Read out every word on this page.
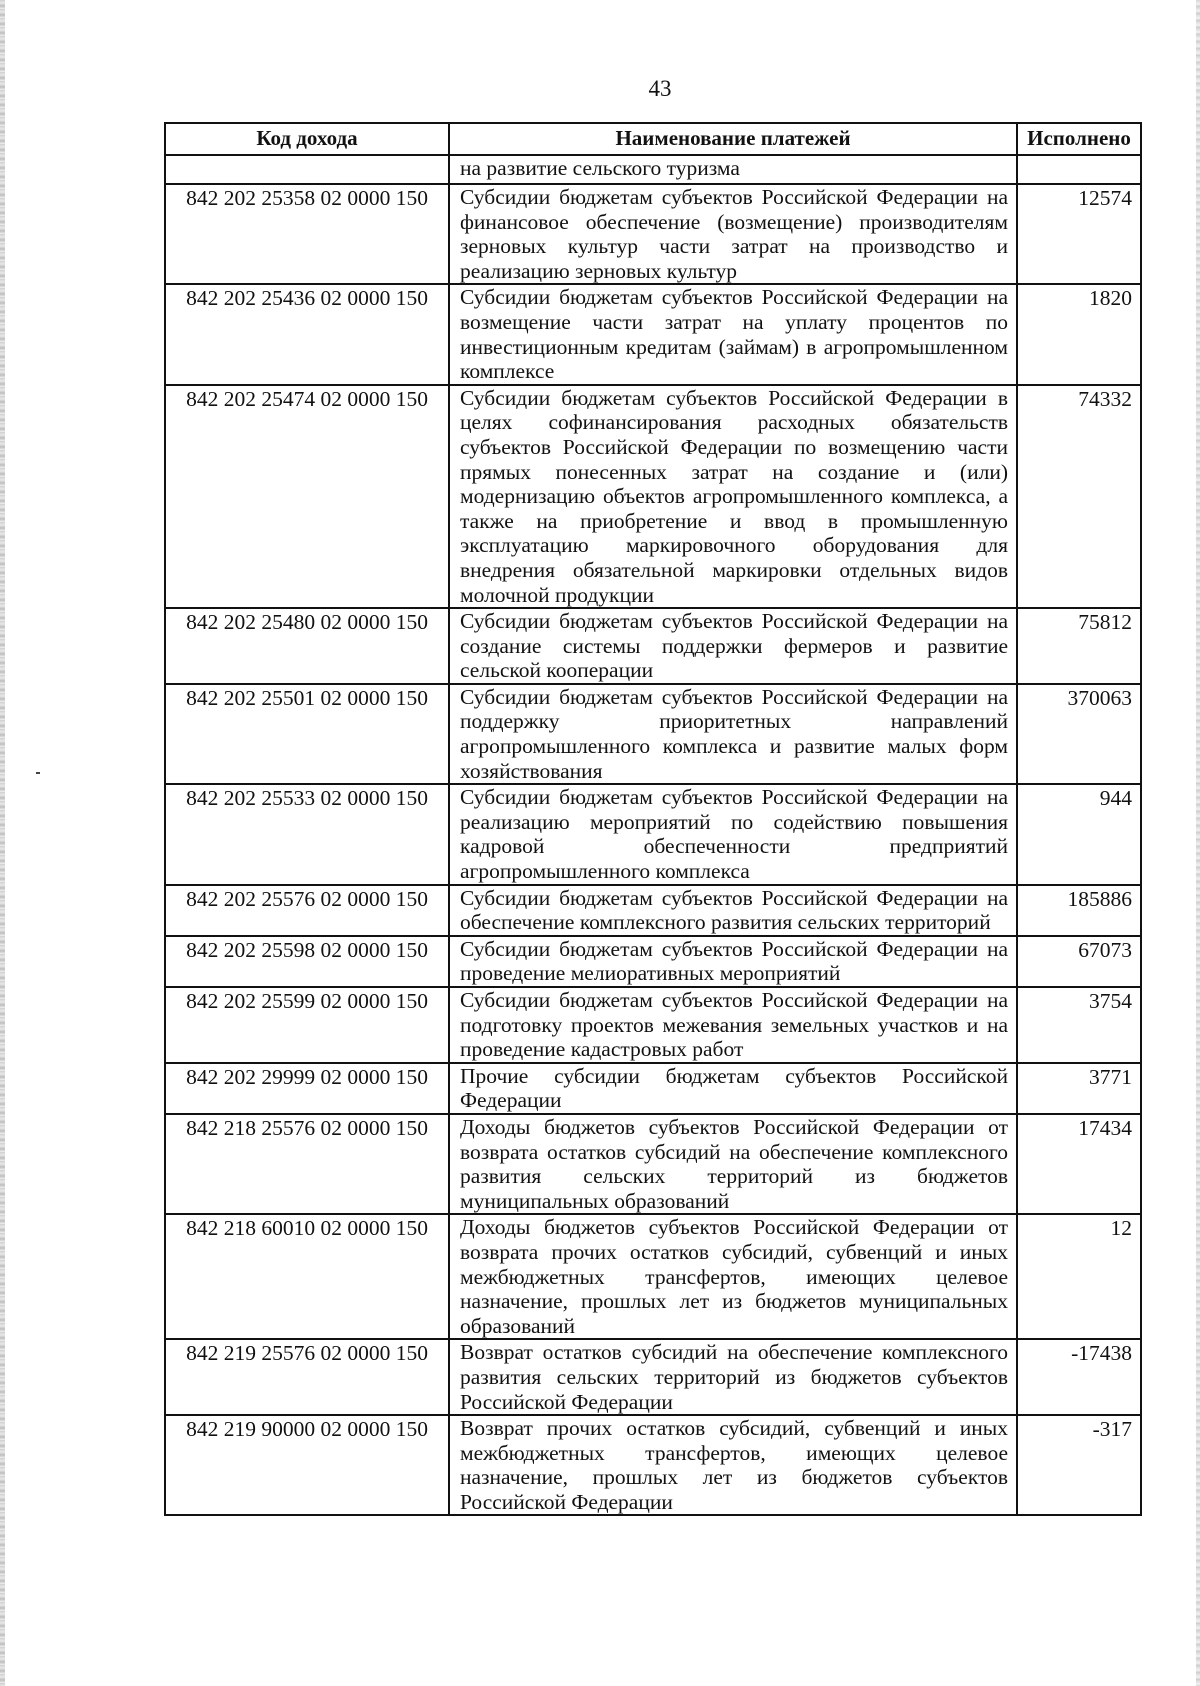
43
Код дохода	Наименование платежей	Исполнено
	на развитие сельского туризма	
842 202 25358 02 0000 150	Субсидии бюджетам субъектов Российской Федерации на финансовое обеспечение (возмещение) производителям зерновых культур части затрат на производство и реализацию зерновых культур	12574
842 202 25436 02 0000 150	Субсидии бюджетам субъектов Российской Федерации на возмещение части затрат на уплату процентов по инвестиционным кредитам (займам) в агропромышленном комплексе	1820
842 202 25474 02 0000 150	Субсидии бюджетам субъектов Российской Федерации в целях софинансирования расходных обязательств субъектов Российской Федерации по возмещению части прямых понесенных затрат на создание и (или) модернизацию объектов агропромышленного комплекса, а также на приобретение и ввод в промышленную эксплуатацию маркировочного оборудования для внедрения обязательной маркировки отдельных видов молочной продукции	74332
842 202 25480 02 0000 150	Субсидии бюджетам субъектов Российской Федерации на создание системы поддержки фермеров и развитие сельской кооперации	75812
842 202 25501 02 0000 150	Субсидии бюджетам субъектов Российской Федерации на поддержку приоритетных направлений агропромышленного комплекса и развитие малых форм хозяйствования	370063
842 202 25533 02 0000 150	Субсидии бюджетам субъектов Российской Федерации на реализацию мероприятий по содействию повышения кадровой обеспеченности предприятий агропромышленного комплекса	944
842 202 25576 02 0000 150	Субсидии бюджетам субъектов Российской Федерации на обеспечение комплексного развития сельских территорий	185886
842 202 25598 02 0000 150	Субсидии бюджетам субъектов Российской Федерации на проведение мелиоративных мероприятий	67073
842 202 25599 02 0000 150	Субсидии бюджетам субъектов Российской Федерации на подготовку проектов межевания земельных участков и на проведение кадастровых работ	3754
842 202 29999 02 0000 150	Прочие субсидии бюджетам субъектов Российской Федерации	3771
842 218 25576 02 0000 150	Доходы бюджетов субъектов Российской Федерации от возврата остатков субсидий на обеспечение комплексного развития сельских территорий из бюджетов муниципальных образований	17434
842 218 60010 02 0000 150	Доходы бюджетов субъектов Российской Федерации от возврата прочих остатков субсидий, субвенций и иных межбюджетных трансфертов, имеющих целевое назначение, прошлых лет из бюджетов муниципальных образований	12
842 219 25576 02 0000 150	Возврат остатков субсидий на обеспечение комплексного развития сельских территорий из бюджетов субъектов Российской Федерации	-17438
842 219 90000 02 0000 150	Возврат прочих остатков субсидий, субвенций и иных межбюджетных трансфертов, имеющих целевое назначение, прошлых лет из бюджетов субъектов Российской Федерации	-317
